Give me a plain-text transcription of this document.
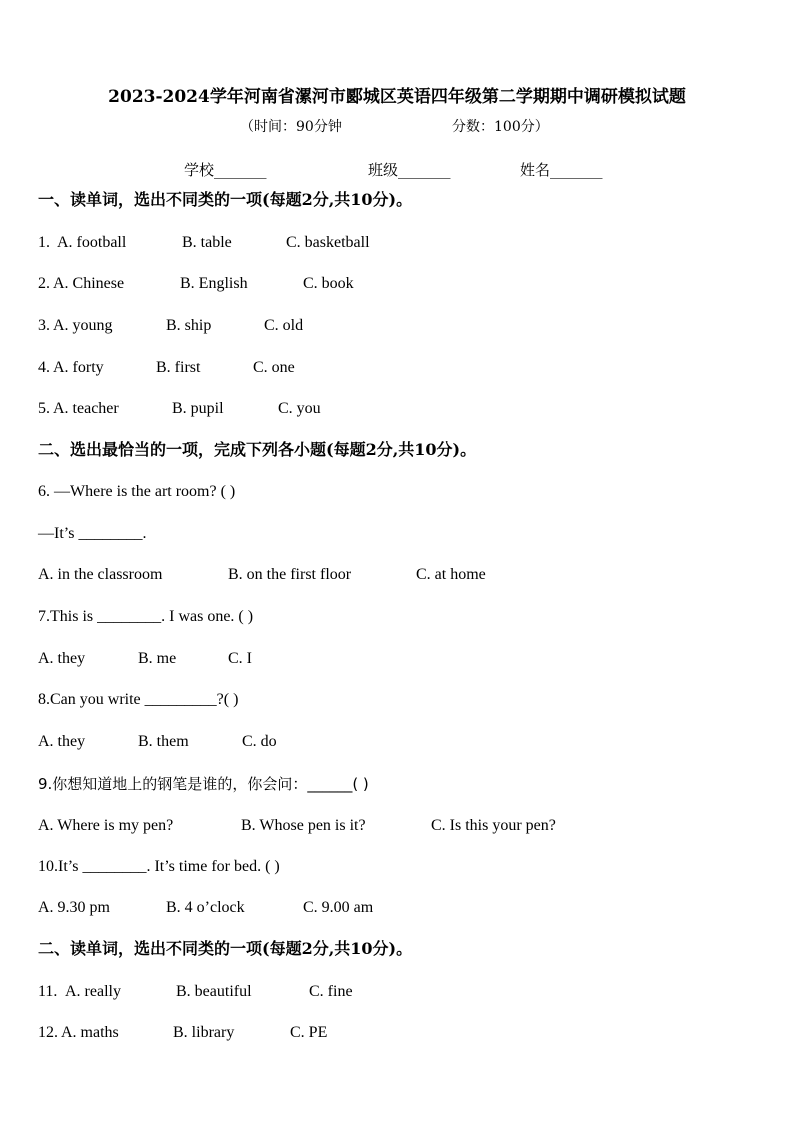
2023-2024学年河南省漯河市郾城区英语四年级第二学期期中调研模拟试题
（时间：90分钟	分数：100分）
学校_______	班级_______	姓名_______
一、读单词，选出不同类的一项(每题2分,共10分)。
1. A. football	B. table	C. basketball
2. A. Chinese	B. English	C. book
3. A. young	B. ship	C. old
4. A. forty	B. first	C. one
5. A. teacher	B. pupil	C. you
二、选出最恰当的一项，完成下列各小题(每题2分,共10分)。
6. —Where is the art room? ( )
—It’s ________.
A. in the classroom	B. on the first floor	C. at home
7.This is ________. I was one. ( )
A. they	B. me	C. I
8.Can you write _________?( )
A. they	B. them	C. do
9.你想知道地上的钢笔是谁的，你会问：______( )
A. Where is my pen?	B. Whose pen is it?	C. Is this your pen?
10.It’s ________. It’s time for bed. ( )
A. 9.30 pm	B. 4 o’clock	C. 9.00 am
二、读单词，选出不同类的一项(每题2分,共10分)。
11. A. really	B. beautiful	C. fine
12. A. maths	B. library	C. PE
